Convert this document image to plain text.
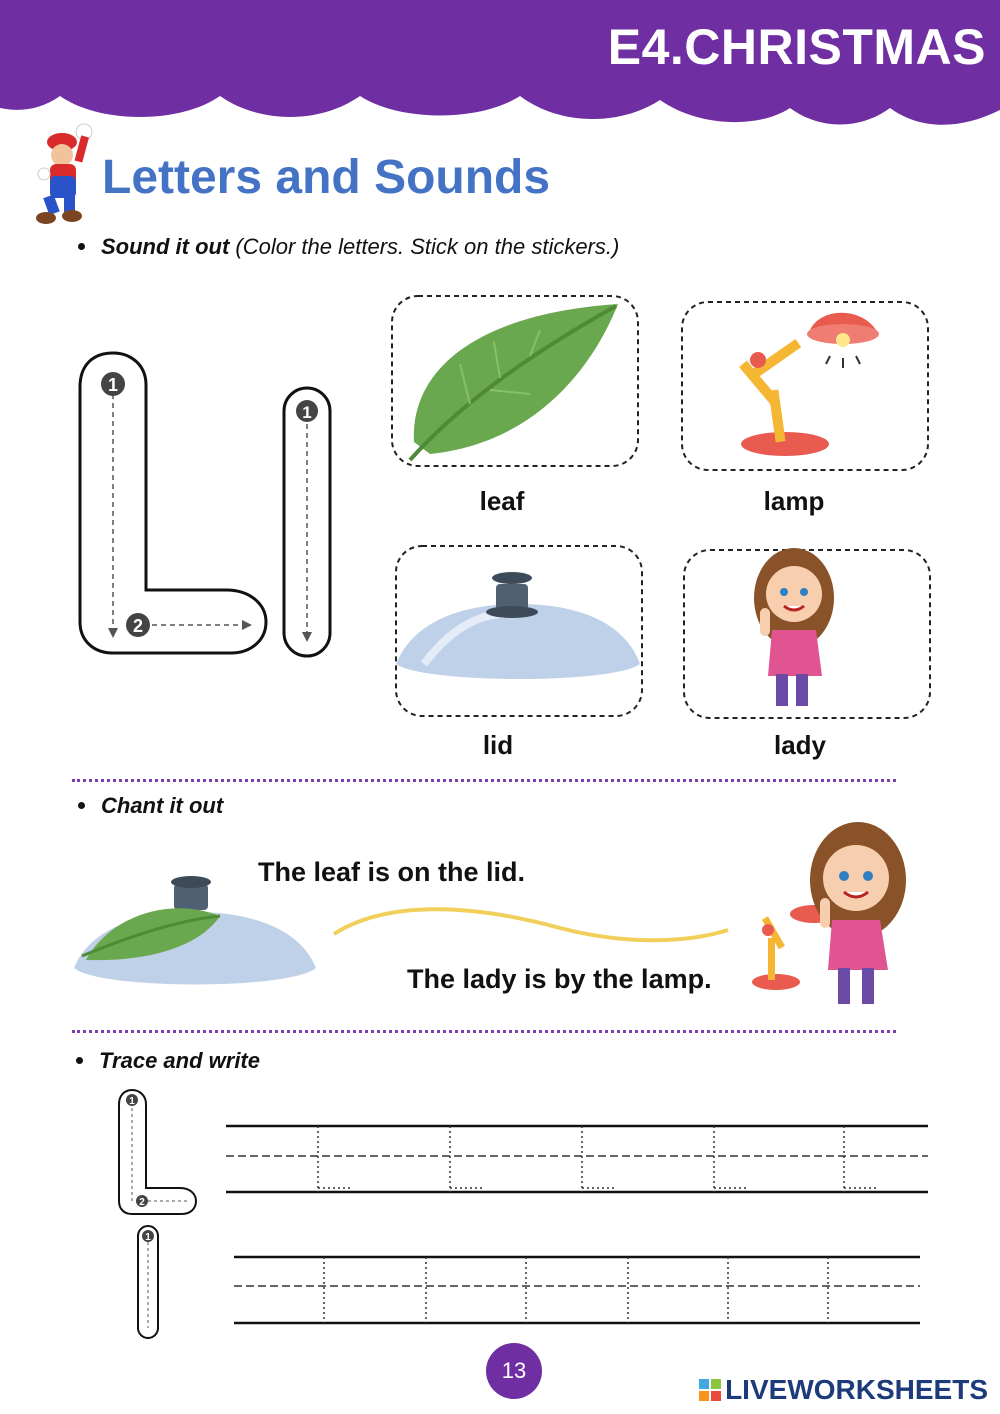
E4.CHRISTMAS
Letters and Sounds
Sound it out (Color the letters. Stick on the stickers.)
1
2
1
leaf	lamp
lid	lady
Chant it out
The leaf is on the lid.
The lady is by the lamp.
Trace and write
1
2
1
13
LIVEWORKSHEETS
